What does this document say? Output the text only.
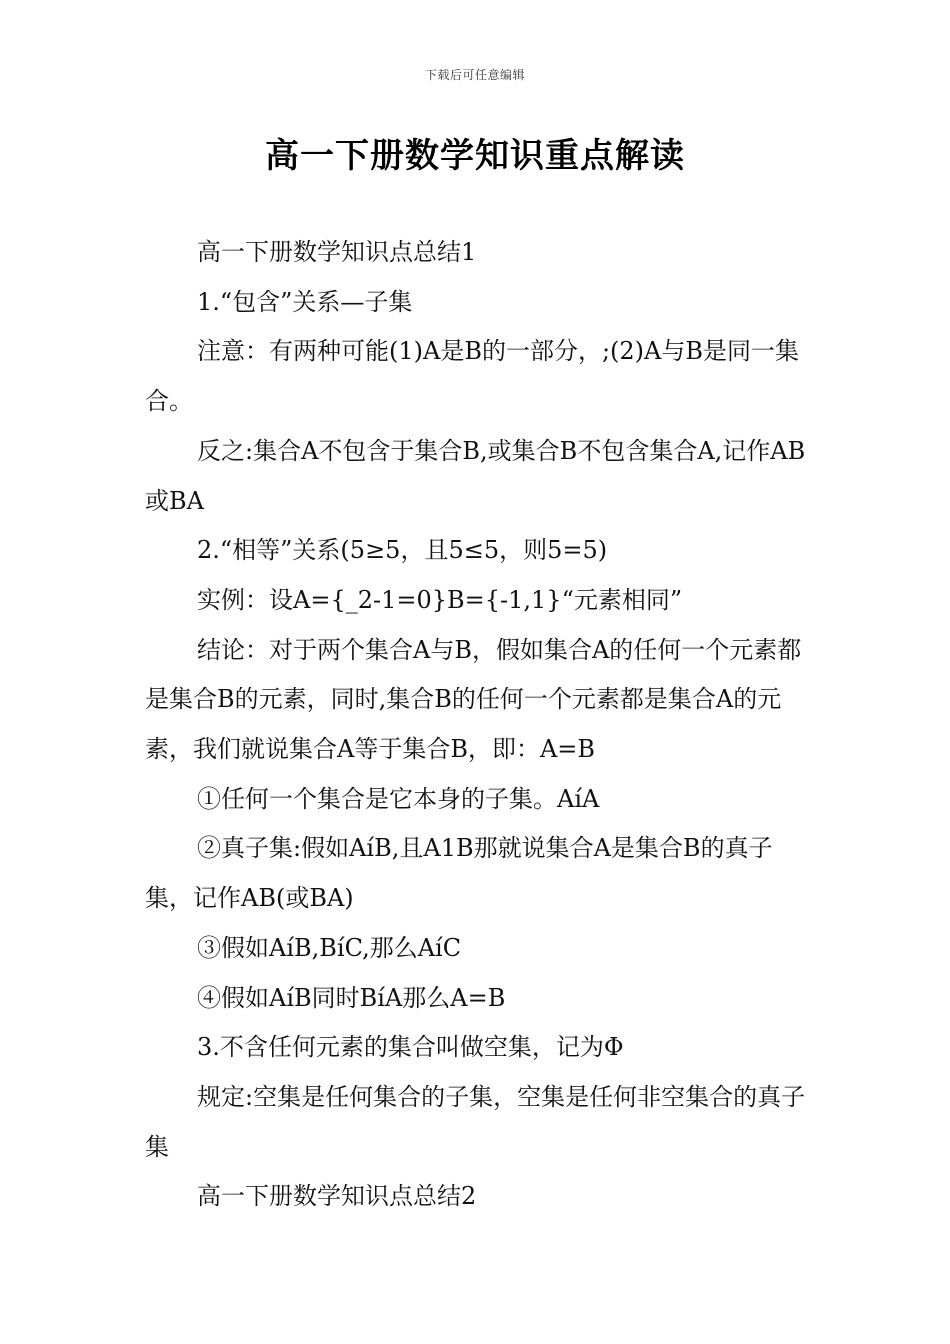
下载后可任意编辑
高一下册数学知识重点解读

高一下册数学知识点总结1

1.“包含”关系—子集

注意：有两种可能(1)A是B的一部分，;(2)A与B是同一集合。

反之:集合A不包含于集合B,或集合B不包含集合A,记作AB或BA

2.“相等”关系(5≥5，且5≤5，则5=5)

实例：设A={_2-1=0}B={-1,1}“元素相同”

结论：对于两个集合A与B，假如集合A的任何一个元素都是集合B的元素，同时,集合B的任何一个元素都是集合A的元素，我们就说集合A等于集合B，即：A=B

①任何一个集合是它本身的子集。AíA

②真子集:假如AíB,且A1B那就说集合A是集合B的真子集，记作AB(或BA)

③假如AíB,BíC,那么AíC

④假如AíB同时BíA那么A=B

3.不含任何元素的集合叫做空集，记为Φ

规定:空集是任何集合的子集，空集是任何非空集合的真子集

高一下册数学知识点总结2
